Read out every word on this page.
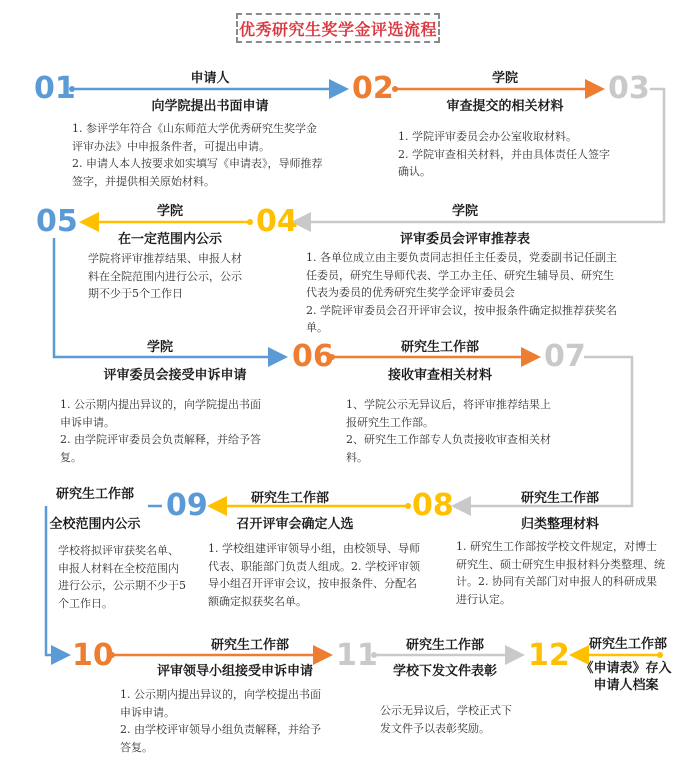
优秀研究生奖学金评选流程
01	申请人
向学院提出书面申请

1. 参评学年符合《山东师范大学优秀研究生奖学金评审办法》中申报条件者，可提出申请。

2. 申请人本人按要求如实填写《申请表》，导师推荐签字，并提供相关原始材料。

02	学院
审查提交的相关材料

1. 学院评审委员会办公室收取材料。

2. 学院审查相关材料，并由具体责任人签字确认。

03
04	学院
评审委员会评审推荐表

1. 各单位成立由主要负责同志担任主任委员，党委副书记任副主任委员，研究生导师代表、学工办主任、研究生辅导员、研究生代表为委员的优秀研究生奖学金评审委员会

2. 学院评审委员会召开评审会议，按申报条件确定拟推荐获奖名单。

05	学院
在一定范围内公示

学院将评审推荐结果、申报人材料在全院范围内进行公示，公示期不少于5个工作日

06
学院
评审委员会接受申诉申请

1. 公示期内提出异议的，向学院提出书面申诉申请。

2. 由学院评审委员会负责解释，并给予答复。

07
研究生工作部
接收审查相关材料

1、学院公示无异议后，将评审推荐结果上报研究生工作部。

2、研究生工作部专人负责接收审查相关材料。

08	研究生工作部
归类整理材料

1. 研究生工作部按学校文件规定，对博士研究生、硕士研究生申报材料分类整理、统计。2. 协同有关部门对申报人的科研成果进行认定。

09	研究生工作部
召开评审会确定人选

1. 学校组建评审领导小组，由校领导、导师代表、职能部门负责人组成。2. 学校评审领导小组召开评审会议，按申报条件、分配名额确定拟获奖名单。

研究生工作部
全校范围内公示

学校将拟评审获奖名单、申报人材料在全校范围内进行公示，公示期不少于5个工作日。

10	研究生工作部
评审领导小组接受申诉申请

1. 公示期内提出异议的，向学校提出书面申诉申请。

2. 由学校评审领导小组负责解释，并给予答复。

11	研究生工作部
学校下发文件表彰

公示无异议后，学校正式下发文件予以表彰奖励。

12	研究生工作部
《申请表》存入申请人档案
